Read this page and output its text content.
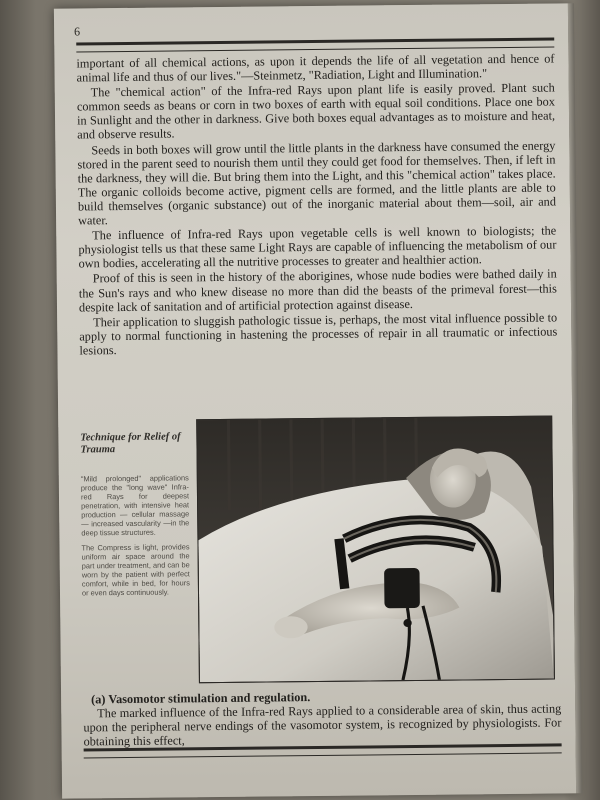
6

important of all chemical actions, as upon it depends the life of all vegetation and hence of animal life and thus of our lives."—Steinmetz, "Radiation, Light and Illumination."

The "chemical action" of the Infra-red Rays upon plant life is easily proved. Plant such common seeds as beans or corn in two boxes of earth with equal soil conditions. Place one box in Sunlight and the other in darkness. Give both boxes equal advantages as to moisture and heat, and observe results.

Seeds in both boxes will grow until the little plants in the darkness have consumed the energy stored in the parent seed to nourish them until they could get food for themselves. Then, if left in the darkness, they will die. But bring them into the Light, and this "chemical action" takes place. The organic colloids become active, pigment cells are formed, and the little plants are able to build themselves (organic substance) out of the inorganic material about them—soil, air and water.

The influence of Infra-red Rays upon vegetable cells is well known to biologists; the physiologist tells us that these same Light Rays are capable of influencing the metabolism of our own bodies, accelerating all the nutritive processes to greater and healthier action.

Proof of this is seen in the history of the aborigines, whose nude bodies were bathed daily in the Sun's rays and who knew disease no more than did the beasts of the primeval forest—this despite lack of sanitation and of artificial protection against disease.

Their application to sluggish pathologic tissue is, perhaps, the most vital influence possible to apply to normal functioning in hastening the processes of repair in all traumatic or infectious lesions.

Technique for Relief of Trauma

"Mild prolonged" applications produce the "long wave" Infra-red Rays for deepest penetration, with intensive heat production — cellular massage — increased vascularity —in the deep tissue structures.

The Compress is light, provides uniform air space around the part under treatment, and can be worn by the patient with perfect comfort, while in bed, for hours or even days continuously.

(a) Vasomotor stimulation and regulation.

The marked influence of the Infra-red Rays applied to a considerable area of skin, thus acting upon the peripheral nerve endings of the vasomotor system, is recognized by physiologists. For obtaining this effect,
